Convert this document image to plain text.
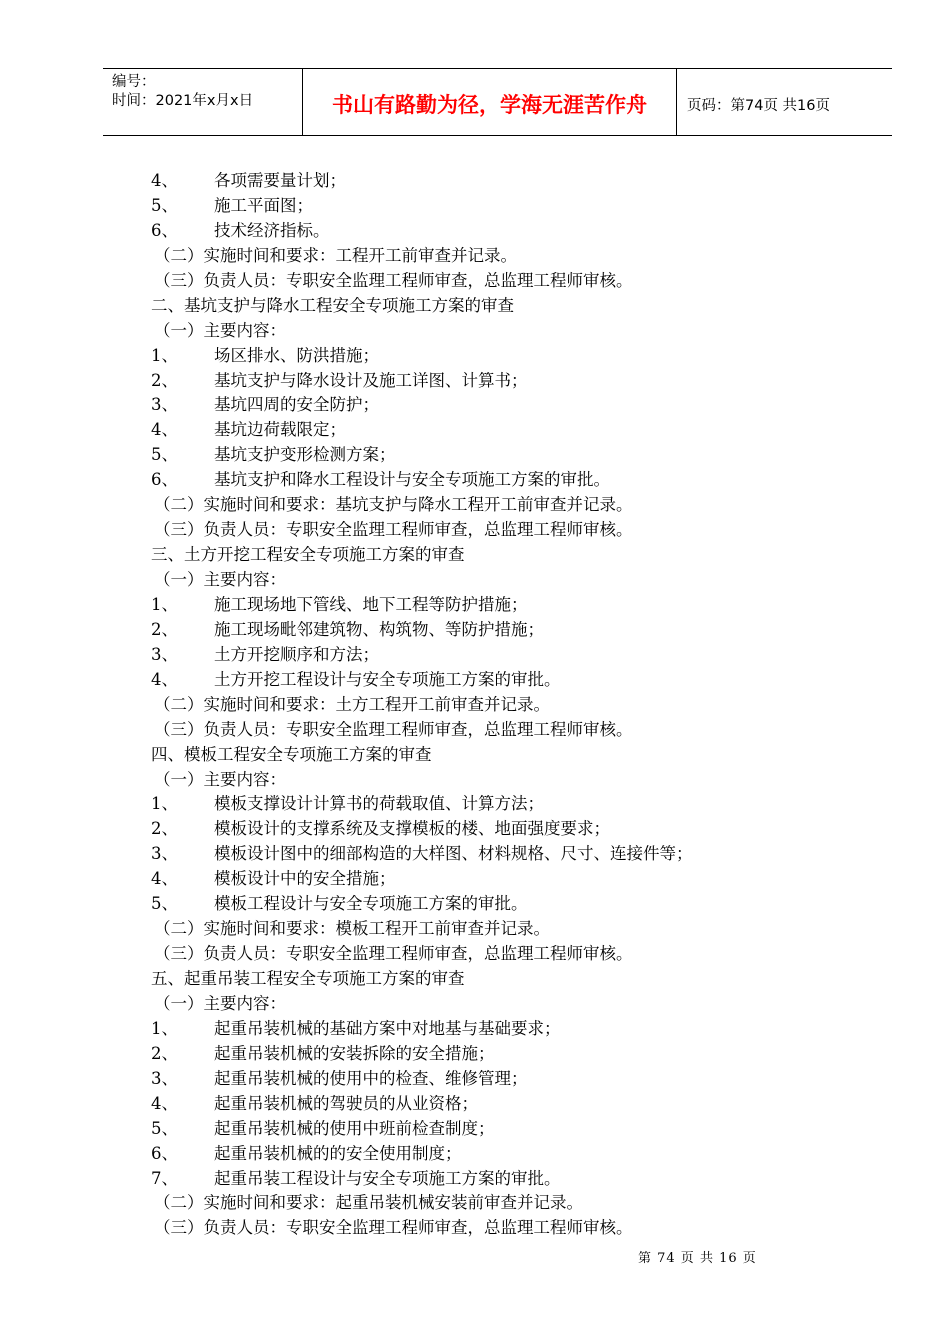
编号：
时间：2021年x月x日	书山有路勤为径，学海无涯苦作舟	页码：第74页 共16页
4、 各项需要量计划；
5、 施工平面图；
6、 技术经济指标。
（二）实施时间和要求：工程开工前审查并记录。
（三）负责人员：专职安全监理工程师审查，总监理工程师审核。
二、基坑支护与降水工程安全专项施工方案的审查
（一）主要内容：
1、 场区排水、防洪措施；
2、 基坑支护与降水设计及施工详图、计算书；
3、 基坑四周的安全防护；
4、 基坑边荷载限定；
5、 基坑支护变形检测方案；
6、 基坑支护和降水工程设计与安全专项施工方案的审批。
（二）实施时间和要求：基坑支护与降水工程开工前审查并记录。
（三）负责人员：专职安全监理工程师审查，总监理工程师审核。
三、土方开挖工程安全专项施工方案的审查
（一）主要内容：
1、 施工现场地下管线、地下工程等防护措施；
2、 施工现场毗邻建筑物、构筑物、等防护措施；
3、 土方开挖顺序和方法；
4、 土方开挖工程设计与安全专项施工方案的审批。
（二）实施时间和要求：土方工程开工前审查并记录。
（三）负责人员：专职安全监理工程师审查，总监理工程师审核。
四、模板工程安全专项施工方案的审查
（一）主要内容：
1、 模板支撑设计计算书的荷载取值、计算方法；
2、 模板设计的支撑系统及支撑模板的楼、地面强度要求；
3、 模板设计图中的细部构造的大样图、材料规格、尺寸、连接件等；
4、 模板设计中的安全措施；
5、 模板工程设计与安全专项施工方案的审批。
（二）实施时间和要求：模板工程开工前审查并记录。
（三）负责人员：专职安全监理工程师审查，总监理工程师审核。
五、起重吊装工程安全专项施工方案的审查
（一）主要内容：
1、 起重吊装机械的基础方案中对地基与基础要求；
2、 起重吊装机械的安装拆除的安全措施；
3、 起重吊装机械的使用中的检查、维修管理；
4、 起重吊装机械的驾驶员的从业资格；
5、 起重吊装机械的使用中班前检查制度；
6、 起重吊装机械的的安全使用制度；
7、 起重吊装工程设计与安全专项施工方案的审批。
（二）实施时间和要求：起重吊装机械安装前审查并记录。
（三）负责人员：专职安全监理工程师审查，总监理工程师审核。
第 74 页 共 16 页
